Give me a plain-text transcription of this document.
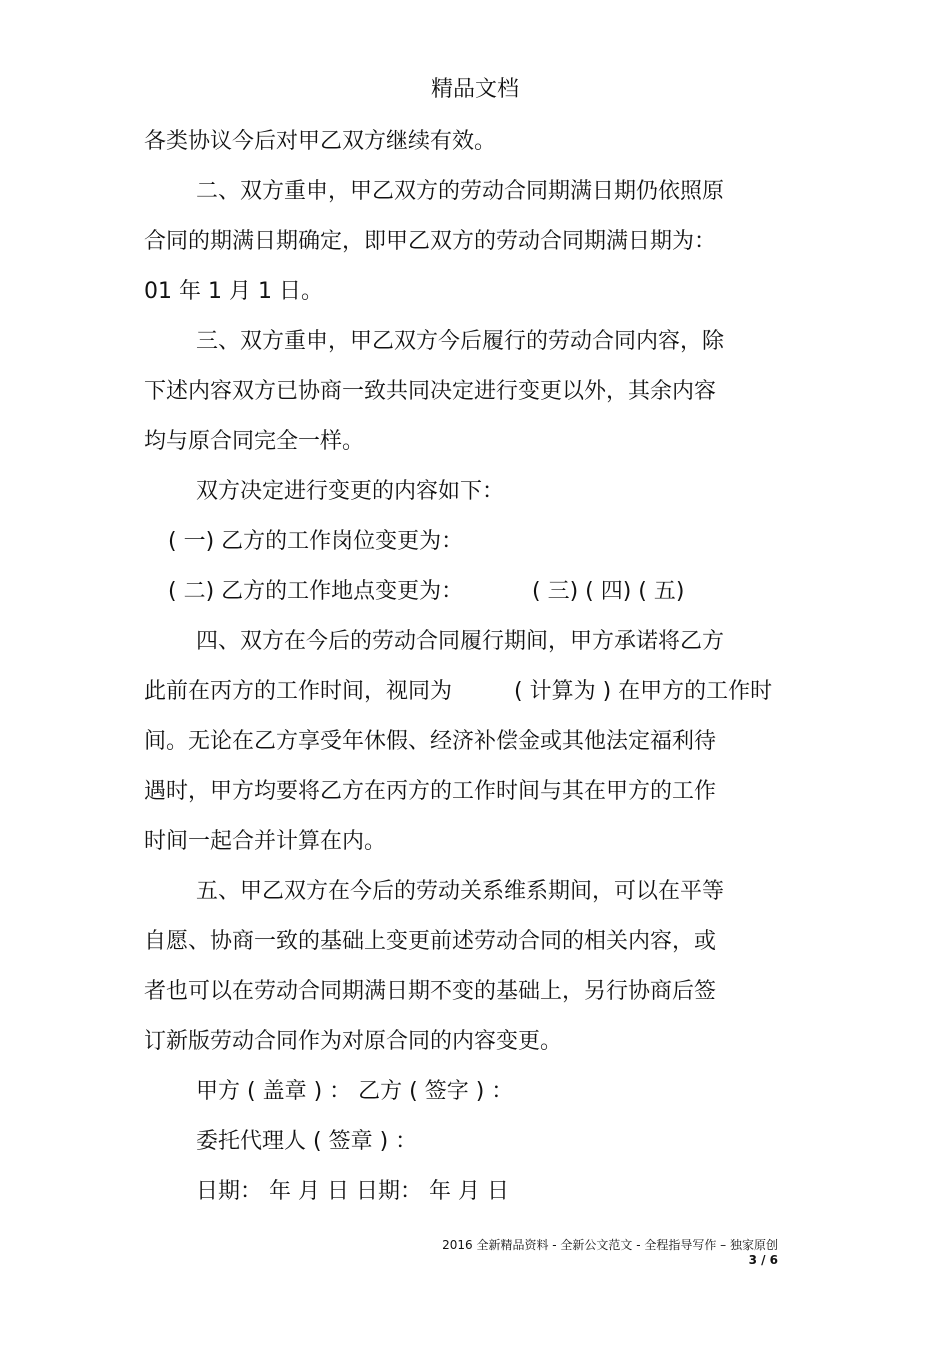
精品文档
各类协议今后对甲乙双方继续有效。
二、双方重申，甲乙双方的劳动合同期满日期仍依照原
合同的期满日期确定，即甲乙双方的劳动合同期满日期为：
01 年 1 月 1 日。
三、双方重申，甲乙双方今后履行的劳动合同内容，除
下述内容双方已协商一致共同决定进行变更以外，其余内容
均与原合同完全一样。
双方决定进行变更的内容如下：
( 一) 乙方的工作岗位变更为：
( 二) 乙方的工作地点变更为：	( 三) ( 四) ( 五)
四、双方在今后的劳动合同履行期间，甲方承诺将乙方
此前在丙方的工作时间，视同为	( 计算为 ) 在甲方的工作时
间。无论在乙方享受年休假、经济补偿金或其他法定福利待
遇时，甲方均要将乙方在丙方的工作时间与其在甲方的工作
时间一起合并计算在内。
五、甲乙双方在今后的劳动关系维系期间，可以在平等
自愿、协商一致的基础上变更前述劳动合同的相关内容，或
者也可以在劳动合同期满日期不变的基础上，另行协商后签
订新版劳动合同作为对原合同的内容变更。
甲方 ( 盖章 ) ： 乙方 ( 签字 ) ：
委托代理人 ( 签章 ) ：
日期： 年 月 日 日期： 年 月 日
2016 全新精品资料 - 全新公文范文 - 全程指导写作 – 独家原创
3 / 6
